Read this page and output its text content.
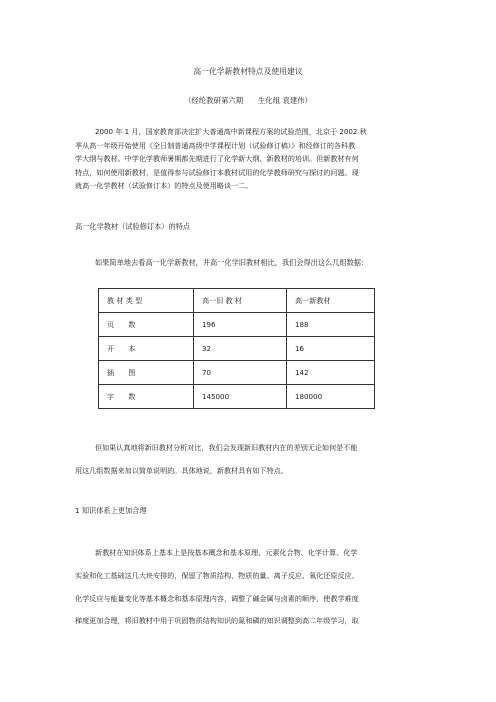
高一化学新教材特点及使用建议
（经纶教研第六期　　生化组 袁建伟）
2000 年 1 月，国家教育部决定扩大普通高中新课程方案的试验范围，北京于 2002 秋
季从高一年级开始使用《全日制普通高级中学课程计划（试验修订稿）》和经修订的各科教
学大纲与教材。中学化学教师暑期都先期进行了化学新大纲、新教材的培训。但新教材有何
特点，如何使用新教材，是值得参与试验修订本教材试用的化学教师研究与探讨的问题。现
就高一化学教材（试验修订本）的特点及使用略谈一二。
高一化学教材（试验修订本）的特点
如果简单地去看高一化学新教材，并高一化学旧教材相比，我们会得出这么几组数据：
教 材 类 型	高一旧 教 材	高一新教材
页　　数	196	188
开　　本	32	16
插　　图	70	142
字　　数	145000	180000
但如果认真地将新旧教材分析对比，我们会发现新旧教材内在的差别无论如何是不能
用这几组数据来加以简单说明的。具体地说，新教材具有如下特点。
1 知识体系上更加合理
新教材在知识体系上基本上是按基本概念和基本原理、元素化合物、化学计算、化学
实验和化工基础这几大块安排的，保留了物质结构、物质的量、离子反应、氧化还原反应、
化学反应与能量变化等基本概念和基本原理内容，调整了碱金属与卤素的顺序，使教学难度
梯度更加合理，将旧教材中用于巩固物质结构知识的氮和磷的知识调整到高二年级学习，取
